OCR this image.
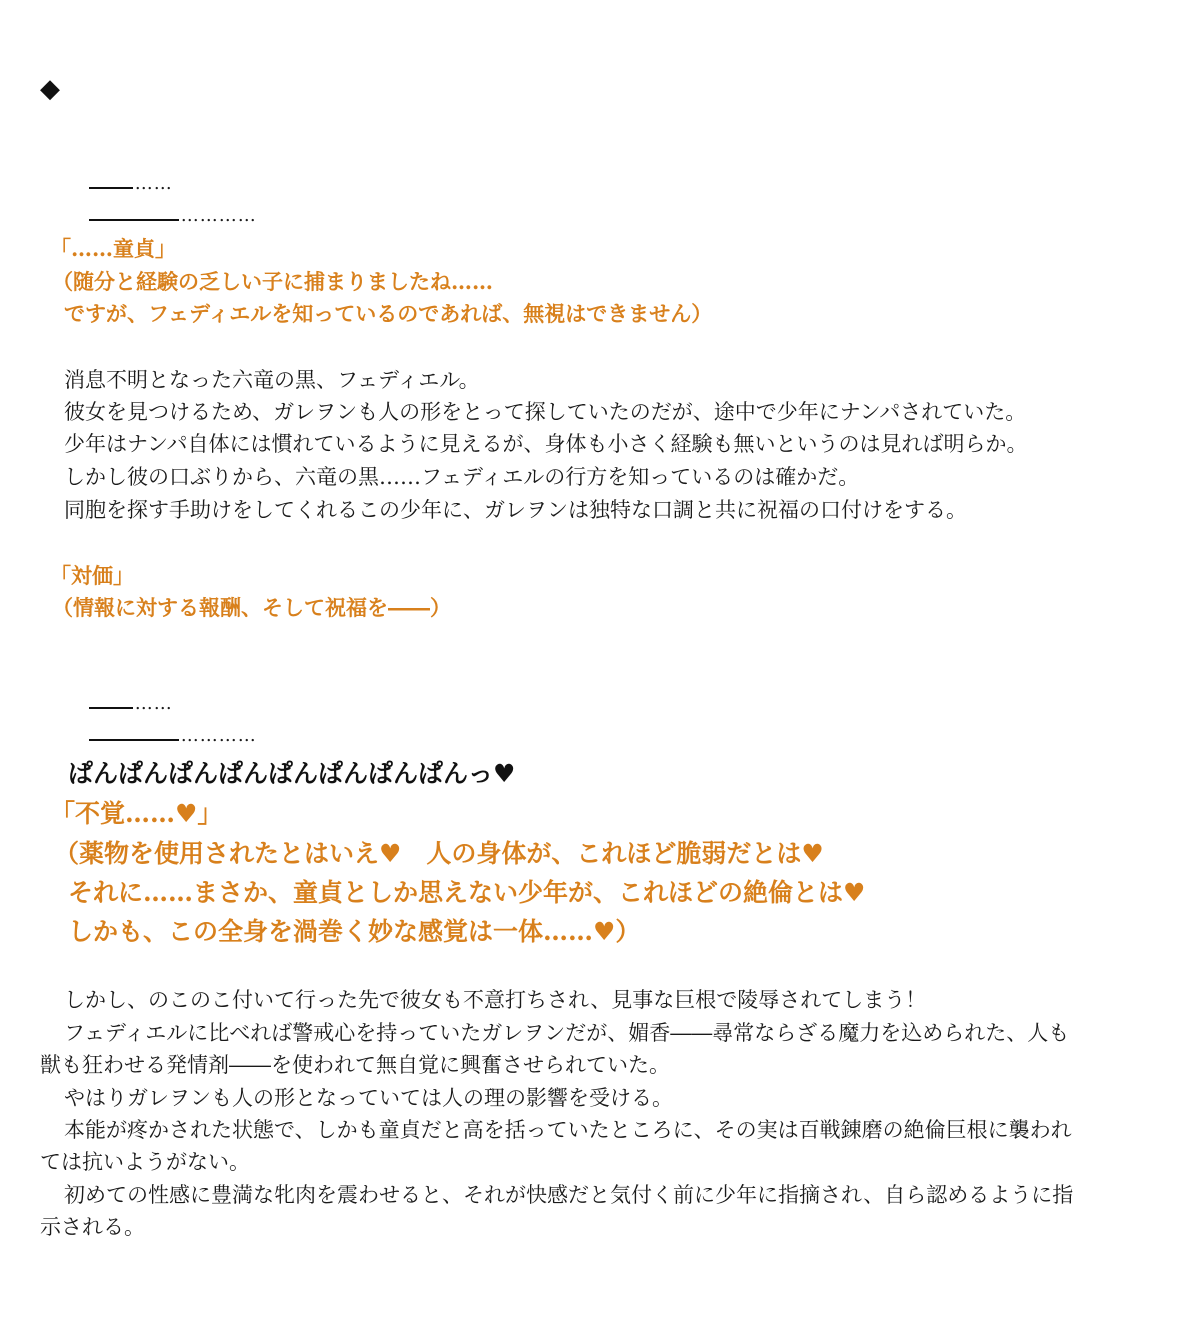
◆

……

…………

「……童貞」
（随分と経験の乏しい子に捕まりましたね……
ですが、フェディエルを知っているのであれば、無視はできません）
消息不明となった六竜の黒、フェディエル。
彼女を見つけるため、ガレヲンも人の形をとって探していたのだが、途中で少年にナンパされていた。
少年はナンパ自体には慣れているように見えるが、身体も小さく経験も無いというのは見れば明らか。
しかし彼の口ぶりから、六竜の黒……フェディエルの行方を知っているのは確かだ。
同胞を探す手助けをしてくれるこの少年に、ガレヲンは独特な口調と共に祝福の口付けをする。
「対価」
（情報に対する報酬、そして祝福を――）

……

…………

ぱんぱんぱんぱんぱんぱんぱんぱんっ♥
「不覚……♥」
（薬物を使用されたとはいえ♥　人の身体が、これほど脆弱だとは♥
それに……まさか、童貞としか思えない少年が、これほどの絶倫とは♥
しかも、この全身を渦巻く妙な感覚は一体……♥）
しかし、のこのこ付いて行った先で彼女も不意打ちされ、見事な巨根で陵辱されてしまう！
フェディエルに比べれば警戒心を持っていたガレヲンだが、媚香――尋常ならざる魔力を込められた、人も
獣も狂わせる発情剤――を使われて無自覚に興奮させられていた。
やはりガレヲンも人の形となっていては人の理の影響を受ける。
本能が疼かされた状態で、しかも童貞だと高を括っていたところに、その実は百戦錬磨の絶倫巨根に襲われ
ては抗いようがない。
初めての性感に豊満な牝肉を震わせると、それが快感だと気付く前に少年に指摘され、自ら認めるように指
示される。
